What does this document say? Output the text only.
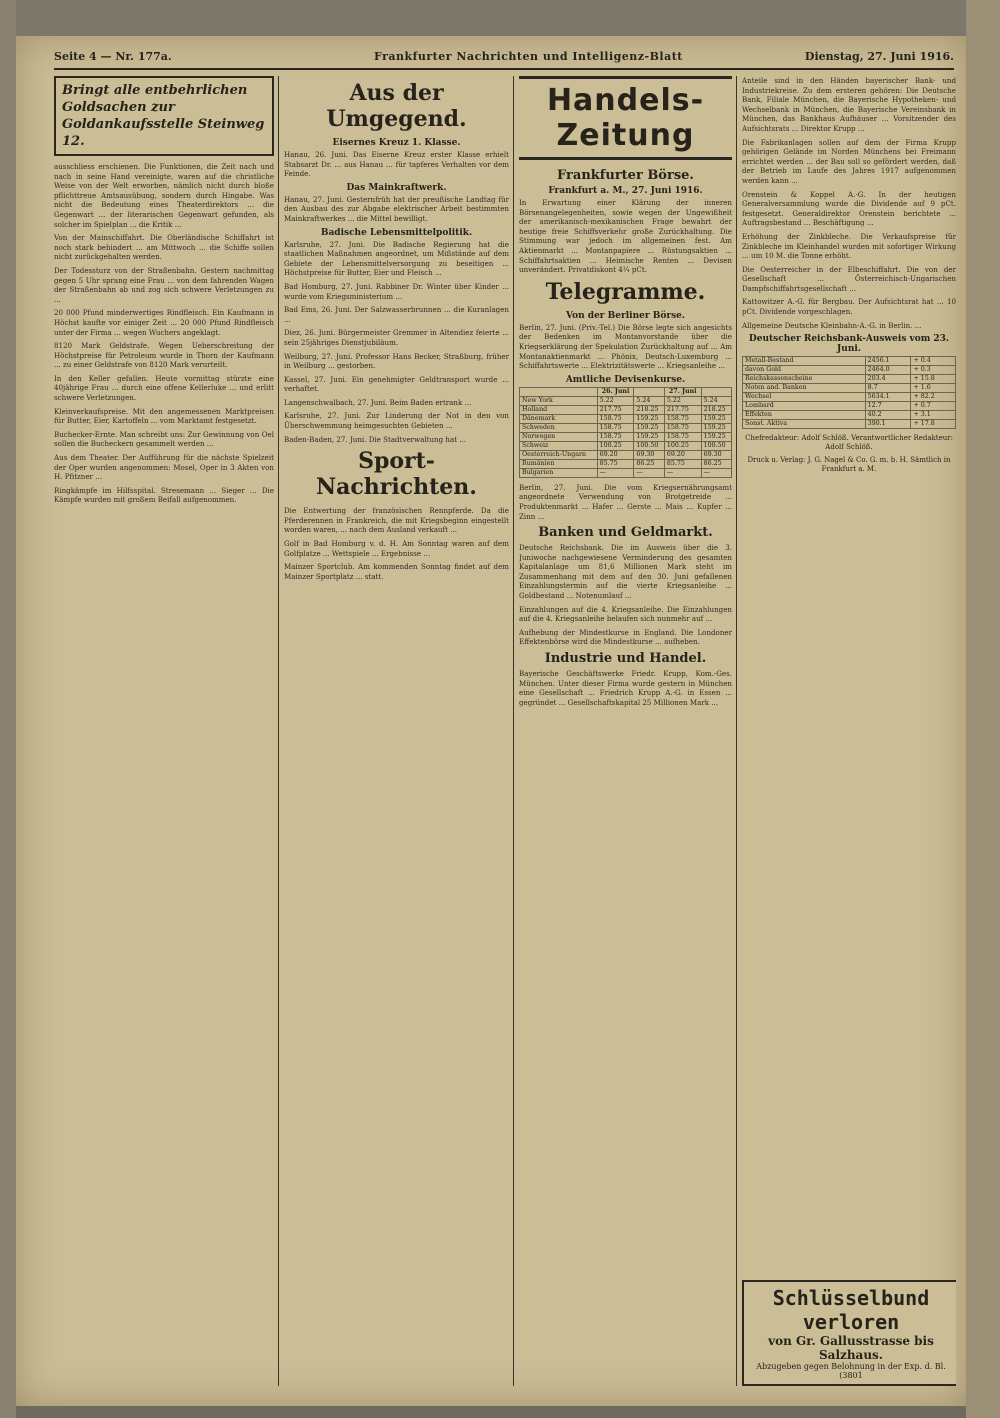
Seite 4 — Nr. 177a.	Frankfurter Nachrichten und Intelligenz-Blatt	Dienstag, 27. Juni 1916.
Bringt alle entbehrlichen Goldsachen zur Goldankaufsstelle Steinweg 12.

ausschliess erschienen. Die Funktionen, die Zeit nach und nach in seine Hand vereinigte, waren auf die christliche Weise von der Welt erworben, nämlich nicht durch bloße pflichttreue Amtsausübung, sondern durch Hingabe. Was nicht die Bedeutung eines Theaterdirektors ... die Gegenwart ... der literarischen Gegenwart gefunden, als solcher im Spielplan ... die Kritik ...

Von der Mainschiffahrt. Die Oberländische Schiffahrt ist noch stark behindert ... am Mittwoch ... die Schiffe sollen nicht zurückgehalten werden.

Der Todessturz von der Straßenbahn. Gestern nachmittag gegen 5 Uhr sprang eine Frau ... von dem fahrenden Wagen der Straßenbahn ab und zog sich schwere Verletzungen zu ...

20 000 Pfund minderwertiges Rindfleisch. Ein Kaufmann in Höchst kaufte vor einiger Zeit ... 20 000 Pfund Rindfleisch unter der Firma ... wegen Wuchers angeklagt.

8120 Mark Geldstrafe. Wegen Ueberschreitung der Höchstpreise für Petroleum wurde in Thorn der Kaufmann ... zu einer Geldstrafe von 8120 Mark verurteilt.

In den Keller gefallen. Heute vormittag stürzte eine 40jährige Frau ... durch eine offene Kellerluke ... und erlitt schwere Verletzungen.

Kleinverkaufspreise. Mit den angemessenen Marktpreisen für Butter, Eier, Kartoffeln ... vom Marktamt festgesetzt.

Buchecker-Ernte. Man schreibt uns: Zur Gewinnung von Oel sollen die Bucheckern gesammelt werden ...

Aus dem Theater. Der Aufführung für die nächste Spielzeit der Oper wurden angenommen: Mosel, Oper in 3 Akten von H. Pfitzner ...

Ringkämpfe im Hilfsspital. Stresemann ... Sieger ... Die Kämpfe wurden mit großem Beifall aufgenommen.

Aus der Umgegend.
Eisernes Kreuz 1. Klasse.

Hanau, 26. Juni. Das Eiserne Kreuz erster Klasse erhielt Stabsarzt Dr. ... aus Hanau ... für tapferes Verhalten vor dem Feinde.

Das Mainkraftwerk.

Hanau, 27. Juni. Gesternfrüh hat der preußische Landtag für den Ausbau des zur Abgabe elektrischer Arbeit bestimmten Mainkraftwerkes ... die Mittel bewilligt.

Badische Lebensmittelpolitik.

Karlsruhe, 27. Juni. Die Badische Regierung hat die staatlichen Maßnahmen angeordnet, um Mißstände auf dem Gebiete der Lebensmittelversorgung zu beseitigen ... Höchstpreise für Butter, Eier und Fleisch ...

Bad Homburg, 27. Juni. Rabbiner Dr. Winter über Kinder ... wurde vom Kriegsministerium ...

Bad Ems, 26. Juni. Der Salzwasserbrunnen ... die Kuranlagen ...

Diez, 26. Juni. Bürgermeister Gremmer in Altendiez feierte ... sein 25jähriges Dienstjubiläum.

Weilburg, 27. Juni. Professor Hans Becker, Straßburg, früher in Weilburg ... gestorben.

Kassel, 27. Juni. Ein genehmigter Geldtransport wurde ... verhaftet.

Langenschwalbach, 27. Juni. Beim Baden ertrank ...

Karlsruhe, 27. Juni. Zur Linderung der Not in den von Überschwemmung heimgesuchten Gebieten ...

Baden-Baden, 27. Juni. Die Stadtverwaltung hat ...

Sport-Nachrichten.

Die Entwertung der französischen Rennpferde. Da die Pferderennen in Frankreich, die mit Kriegsbeginn eingestellt worden waren, ... nach dem Ausland verkauft ...

Golf in Bad Homburg v. d. H. Am Sonntag waren auf dem Golfplatze ... Wettspiele ... Ergebnisse ...

Mainzer Sportclub. Am kommenden Sonntag findet auf dem Mainzer Sportplatz ... statt.

Handels-Zeitung
Frankfurter Börse.
Frankfurt a. M., 27. Juni 1916.

In Erwartung einer Klärung der inneren Börsenangelegenheiten, sowie wegen der Ungewißheit der amerikanisch-mexikanischen Frage bewahrt der heutige freie Schiffsverkehr große Zurückhaltung. Die Stimmung war jedoch im allgemeinen fest. Am Aktienmarkt ... Montanpapiere ... Rüstungsaktien ... Schiffahrtsaktien ... Heimische Renten ... Devisen unverändert. Privatdiskont 4¼ pCt.

Telegramme.
Von der Berliner Börse.

Berlin, 27. Juni. (Priv.-Tel.) Die Börse legte sich angesichts der Bedenken im Montanvorstande über die Kriegserklärung der Spekulation Zurückhaltung auf ... Am Montanaktienmarkt ... Phönix, Deutsch-Luxemburg ... Schiffahrtswerte ... Elektrizitätswerte ... Kriegsanleihe ...

Amtliche Devisenkurse.
	26. Juni		27. Juni	
New York	5.22	5.24	5.22	5.24
Holland	217.75	218.25	217.75	218.25
Dänemark	158.75	159.25	158.75	159.25
Schweden	158.75	159.25	158.75	159.25
Norwegen	158.75	159.25	158.75	159.25
Schweiz	100.25	100.50	100.25	100.50
Oesterreich-Ungarn	69.20	69.30	69.20	69.30
Rumänien	85.75	86.25	85.75	86.25
Bulgarien	—	—	—	—

Berlin, 27. Juni. Die vom Kriegsernährungsamt angeordnete Verwendung von Brotgetreide ... Produktenmarkt ... Hafer ... Gerste ... Mais ... Kupfer ... Zinn ...

Banken und Geldmarkt.

Deutsche Reichsbank. Die im Ausweis über die 3. Juniwoche nachgewiesene Verminderung des gesamten Kapitalanlage um 81,6 Millionen Mark steht im Zusammenhang mit dem auf den 30. Juni gefallenen Einzahlungstermin auf die vierte Kriegsanleihe ... Goldbestand ... Notenumlauf ...

Einzahlungen auf die 4. Kriegsanleihe. Die Einzahlungen auf die 4. Kriegsanleihe belaufen sich nunmehr auf ...

Aufhebung der Mindestkurse in England. Die Londoner Effektenbörse wird die Mindestkurse ... aufheben.

Industrie und Handel.

Bayerische Geschäftswerke Friedr. Krupp, Kom.-Ges. München. Unter dieser Firma wurde gestern in München eine Gesellschaft ... Friedrich Krupp A.-G. in Essen ... gegründet ... Gesellschaftskapital 25 Millionen Mark ...

Anteile sind in den Händen bayerischer Bank- und Industriekreise. Zu dem ersteren gehören: Die Deutsche Bank, Filiale München, die Bayerische Hypotheken- und Wechselbank in München, die Bayerische Vereinsbank in München, das Bankhaus Aufhäuser ... Vorsitzender des Aufsichtsrats ... Direktor Krupp ...

Die Fabrikanlagen sollen auf dem der Firma Krupp gehörigen Gelände im Norden Münchens bei Freimann errichtet werden ... der Bau soll so gefördert werden, daß der Betrieb im Laufe des Jahres 1917 aufgenommen werden kann ...

Orenstein & Koppel A.-G. In der heutigen Generalversammlung wurde die Dividende auf 9 pCt. festgesetzt. Generaldirektor Orenstein berichtete ... Auftragsbestand ... Beschäftigung ...

Erhöhung der Zinkbleche. Die Verkaufspreise für Zinkbleche im Kleinhandel wurden mit sofortiger Wirkung ... um 10 M. die Tonne erhöht.

Die Oesterreicher in der Elbeschiffahrt. Die von der Gesellschaft ... Österreichisch-Ungarischen Dampfschiffahrtsgesellschaft ...

Kattowitzer A.-G. für Bergbau. Der Aufsichtsrat hat ... 10 pCt. Dividende vorgeschlagen.

Allgemeine Deutsche Kleinbahn-A.-G. in Berlin. ...

Deutscher Reichsbank-Ausweis vom 23. Juni.
Metall-Bestand	2456.1	+ 0.4
davon Gold	2464.0	+ 0.3
Reichskassenscheine	203.4	+ 15.8
Noten and. Banken	8.7	+ 1.6
Wechsel	5634.1	+ 82.2
Lombard	12.7	+ 0.7
Effekten	40.2	+ 3.1
Sonst. Aktiva	390.1	+ 17.8
Chefredakteur: Adolf Schlöß. Verantwortlicher Redakteur: Adolf Schlöß.
Druck u. Verlag: J. G. Nagel & Co. G. m. b. H. Sämtlich in Frankfurt a. M.
Schlüsselbund verloren
von Gr. Gallusstrasse bis Salzhaus.
Abzugeben gegen Belohnung in der Exp. d. Bl. (3801
